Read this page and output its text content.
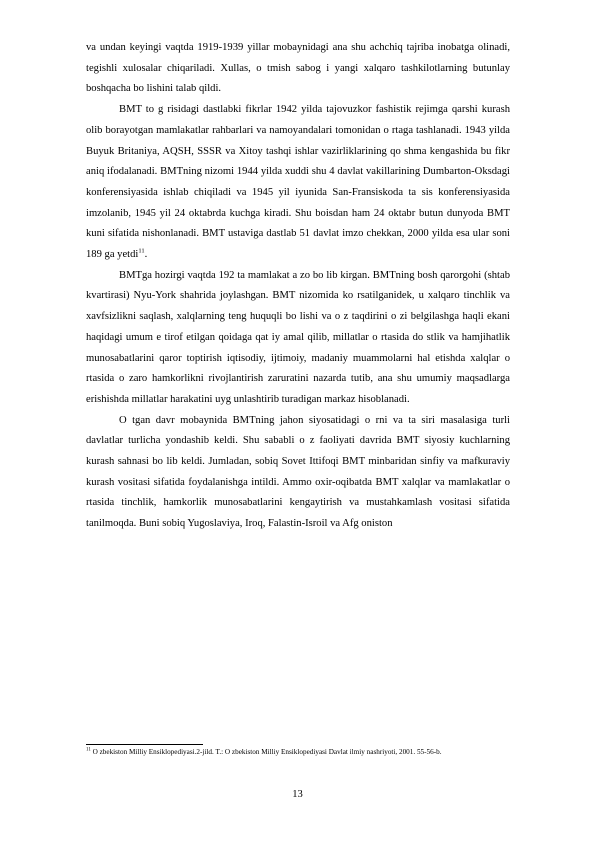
va undan keyingi vaqtda 1919-1939 yillar mobaynidagi ana shu achchiq tajriba inobatga olinadi, tegishli xulosalar chiqariladi. Xullas, o tmish sabog i yangi xalqaro tashkilotlarning butunlay boshqacha bo lishini talab qildi.

BMT to g risidagi dastlabki fikrlar 1942 yilda tajovuzkor fashistik rejimga qarshi kurash olib borayotgan mamlakatlar rahbarlari va namoyandalari tomonidan o rtaga tashlanadi. 1943 yilda Buyuk Britaniya, AQSH, SSSR va Xitoy tashqi ishlar vazirliklarining qo shma kengashida bu fikr aniq ifodalanadi. BMTning nizomi 1944 yilda xuddi shu 4 davlat vakillarining Dumbarton-Oksdagi konferensiyasida ishlab chiqiladi va 1945 yil iyunida San-Fransiskoda ta sis konferensiyasida imzolanib, 1945 yil 24 oktabrda kuchga kiradi. Shu boisdan ham 24 oktabr butun dunyoda BMT kuni sifatida nishonlanadi. BMT ustaviga dastlab 51 davlat imzo chekkan, 2000 yilda esa ular soni 189 ga yetdi$^{11}$.

BMTga hozirgi vaqtda 192 ta mamlakat a zo bo lib kirgan. BMTning bosh qarorgohi (shtab kvartirasi) Nyu-York shahrida joylashgan. BMT nizomida ko rsatilganidek, u xalqaro tinchlik va xavfsizlikni saqlash, xalqlarning teng huquqli bo lishi va o z taqdirini o zi belgilashga haqli ekani haqidagi umum e tirof etilgan qoidaga qat iy amal qilib, millatlar o rtasida do stlik va hamjihatlik munosabatlarini qaror toptirish iqtisodiy, ijtimoiy, madaniy muammolarni hal etishda xalqlar o rtasida o zaro hamkorlikni rivojlantirish zaruratini nazarda tutib, ana shu umumiy maqsadlarga erishishda millatlar harakatini uyg unlashtirib turadigan markaz hisoblanadi.

O tgan davr mobaynida BMTning jahon siyosatidagi o rni va ta siri masalasiga turli davlatlar turlicha yondashib keldi. Shu sababli o z faoliyati davrida BMT siyosiy kuchlarning kurash sahnasi bo lib keldi. Jumladan, sobiq Sovet Ittifoqi BMT minbaridan sinfiy va mafkuraviy kurash vositasi sifatida foydalanishga intildi. Ammo oxir-oqibatda BMT xalqlar va mamlakatlar o rtasida tinchlik, hamkorlik munosabatlarini kengaytirish va mustahkamlash vositasi sifatida tanilmoqda. Buni sobiq Yugoslaviya, Iroq, Falastin-Isroil va Afg oniston

$^{11}$ O zbekiston Milliy Ensiklopediyasi.2-jild. T.: O zbekiston Milliy Ensiklopediyasi Davlat ilmiy nashriyoti, 2001. 55-56-b.
13
